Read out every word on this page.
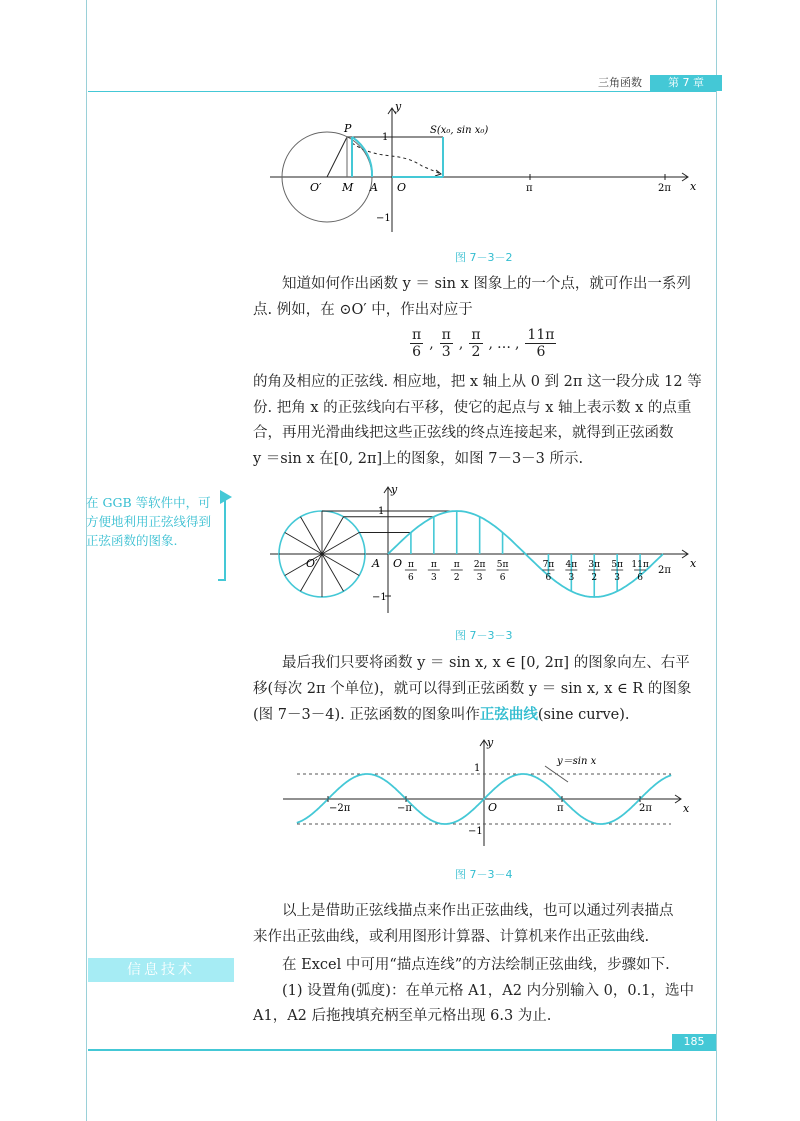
三角函数	第 7 章
y
x
1
−1
P	S(x₀, sin x₀)
O′ M A O	π	2π
图 7－3－2
知道如何作出函数 y ＝ sin x 图象上的一个点，就可作出一系列
点. 例如，在 ⊙O′ 中，作出对应于
$\frac{\pi}{6}$ , $\frac{\pi}{3}$ , $\frac{\pi}{2}$ , … , $\frac{11\pi}{6}$
的角及相应的正弦线. 相应地，把 x 轴上从 0 到 2π 这一段分成 12 等
份. 把角 x 的正弦线向右平移，使它的起点与 x 轴上表示数 x 的点重
合，再用光滑曲线把这些正弦线的终点连接起来，就得到正弦函数
y ＝sin x 在[0, 2π]上的图象，如图 7－3－3 所示.
在 GGB 等软件中，可方便地利用正弦线得到正弦函数的图象.
π
6
π
3
π
2
2π
3
5π
6
7π
6
4π
3
3π
2
5π
3
11π
6
y
x
1
−1
O′	A O
2π
图 7－3－3
最后我们只要将函数 y ＝ sin x, x ∈ [0, 2π] 的图象向左、右平
移(每次 2π 个单位)，就可以得到正弦函数 y ＝ sin x, x ∈ R 的图象
(图 7－3－4). 正弦函数的图象叫作正弦曲线(sine curve).
y
x
1
−1
y＝sin x
−2π	−π	O	π	2π
图 7－3－4
以上是借助正弦线描点来作出正弦曲线，也可以通过列表描点
来作出正弦曲线，或利用图形计算器、计算机来作出正弦曲线.
信息技术	在 Excel 中可用“描点连线”的方法绘制正弦曲线，步骤如下.
(1) 设置角(弧度)：在单元格 A1，A2 内分别输入 0，0.1，选中
A1，A2 后拖拽填充柄至单元格出现 6.3 为止.
185
